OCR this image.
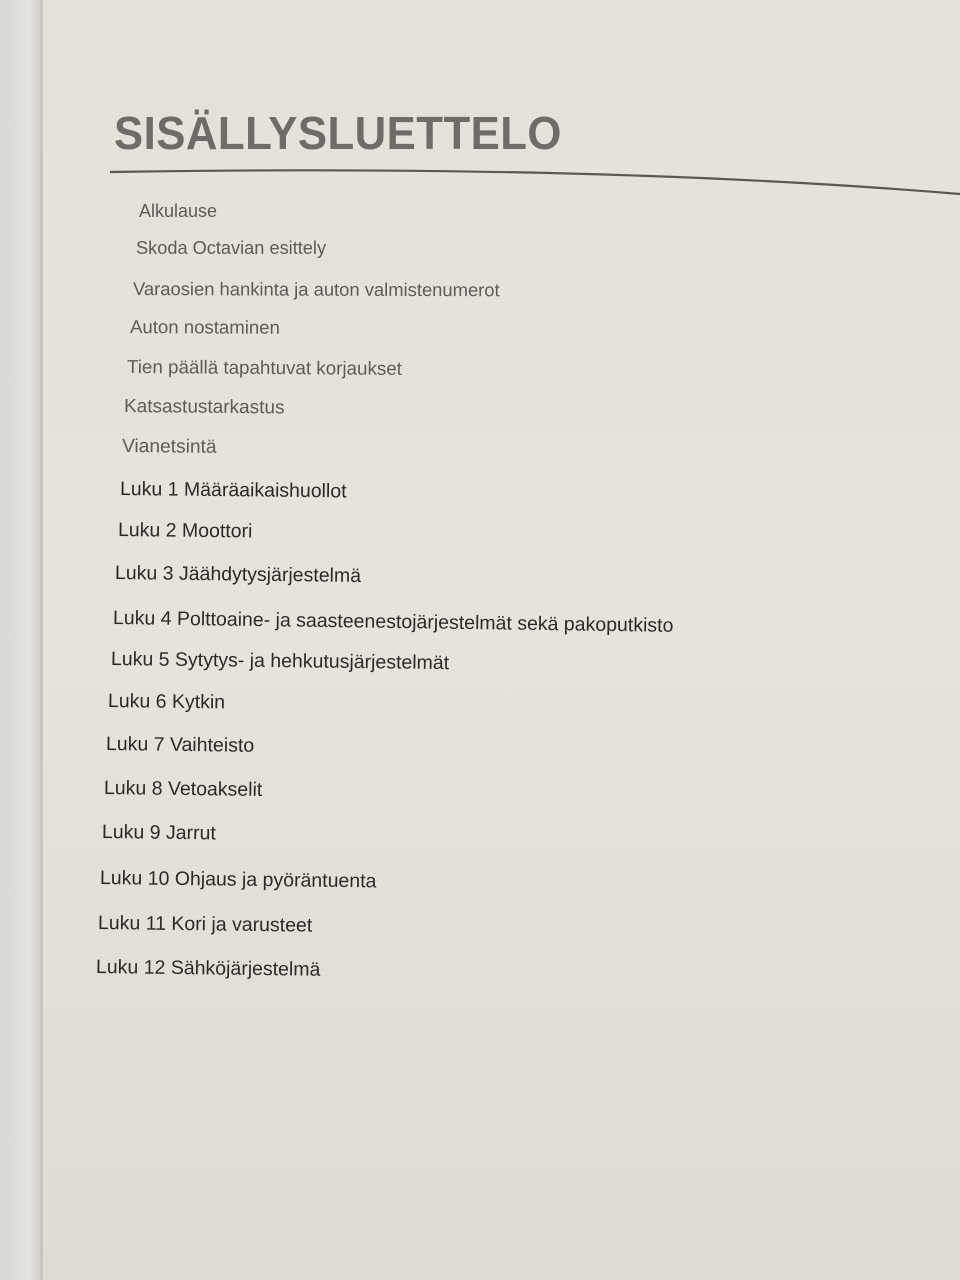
SISÄLLYSLUETTELO
Alkulause
Skoda Octavian esittely
Varaosien hankinta ja auton valmistenumerot
Auton nostaminen
Tien päällä tapahtuvat korjaukset
Katsastustarkastus
Vianetsintä
Luku 1 Määräaikaishuollot
Luku 2 Moottori
Luku 3 Jäähdytysjärjestelmä
Luku 4 Polttoaine- ja saasteenestojärjestelmät sekä pakoputkisto
Luku 5 Sytytys- ja hehkutusjärjestelmät
Luku 6 Kytkin
Luku 7 Vaihteisto
Luku 8 Vetoakselit
Luku 9 Jarrut
Luku 10 Ohjaus ja pyöräntuenta
Luku 11 Kori ja varusteet
Luku 12 Sähköjärjestelmä
